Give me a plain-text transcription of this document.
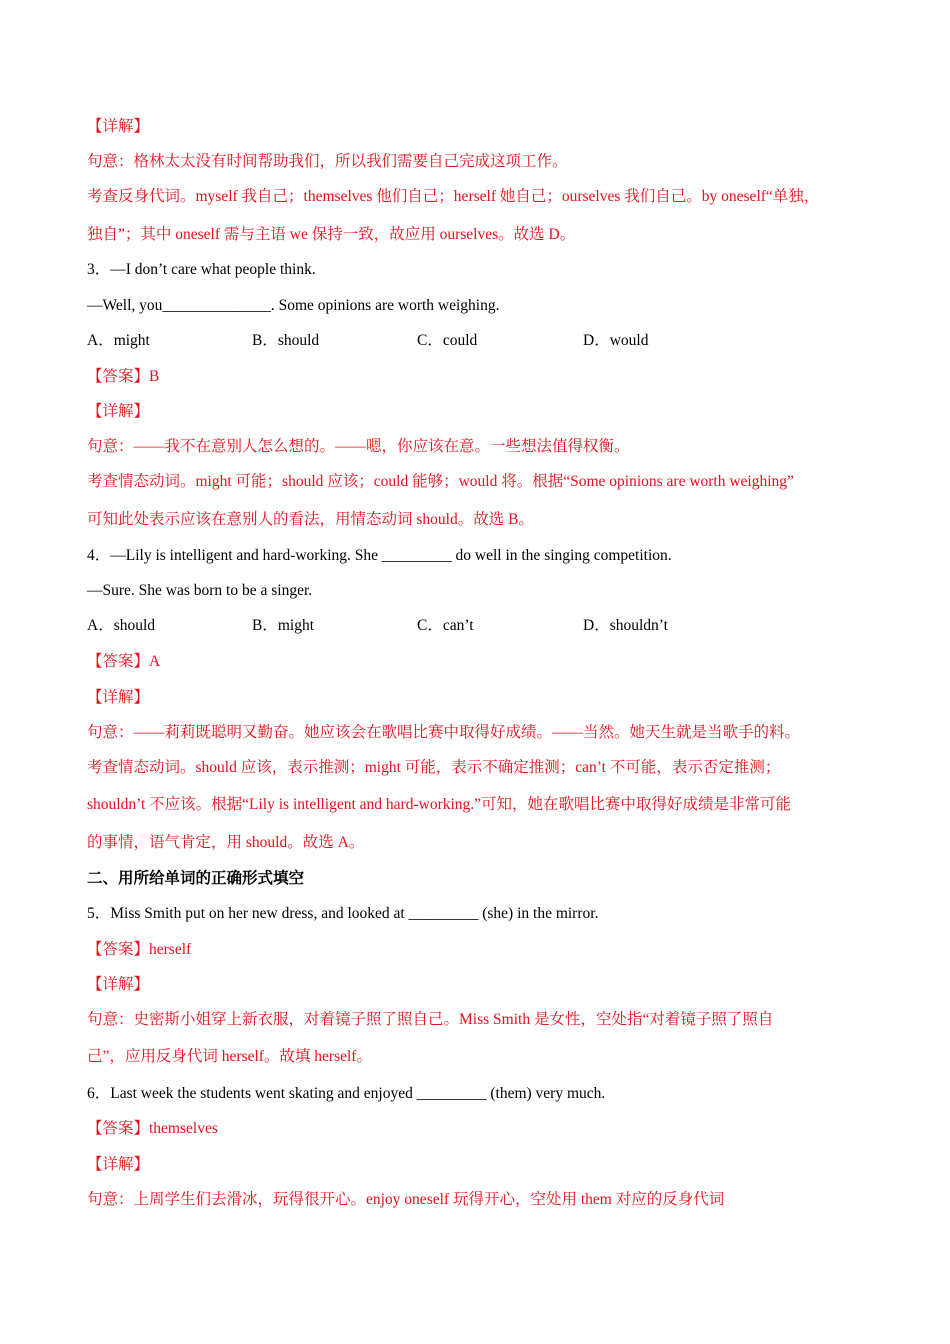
【详解】
句意：格林太太没有时间帮助我们，所以我们需要自己完成这项工作。
考查反身代词。myself 我自己；themselves 他们自己；herself 她自己；ourselves 我们自己。by oneself“单独，
独自”；其中 oneself 需与主语 we 保持一致，故应用 ourselves。故选 D。
3．—I don’t care what people think.
—Well, you______________. Some opinions are worth weighing.
A．might	B．should	C．could	D．would
【答案】B
【详解】
句意：——我不在意别人怎么想的。——嗯，你应该在意。一些想法值得权衡。
考查情态动词。might 可能；should 应该；could 能够；would 将。根据“Some opinions are worth weighing”
可知此处表示应该在意别人的看法，用情态动词 should。故选 B。
4．—Lily is intelligent and hard-working. She _________ do well in the singing competition.
—Sure. She was born to be a singer.
A．should	B．might	C．can’t	D．shouldn’t
【答案】A
【详解】
句意：——莉莉既聪明又勤奋。她应该会在歌唱比赛中取得好成绩。——当然。她天生就是当歌手的料。
考查情态动词。should 应该，表示推测；might 可能，表示不确定推测；can’t 不可能，表示否定推测；
shouldn’t 不应该。根据“Lily is intelligent and hard-working.”可知，她在歌唱比赛中取得好成绩是非常可能
的事情，语气肯定，用 should。故选 A。
二、用所给单词的正确形式填空
5．Miss Smith put on her new dress, and looked at _________ (she) in the mirror.
【答案】herself
【详解】
句意：史密斯小姐穿上新衣服，对着镜子照了照自己。Miss Smith 是女性，空处指“对着镜子照了照自
己”，应用反身代词 herself。故填 herself。
6．Last week the students went skating and enjoyed _________ (them) very much.
【答案】themselves
【详解】
句意：上周学生们去滑冰，玩得很开心。enjoy oneself 玩得开心，空处用 them 对应的反身代词
